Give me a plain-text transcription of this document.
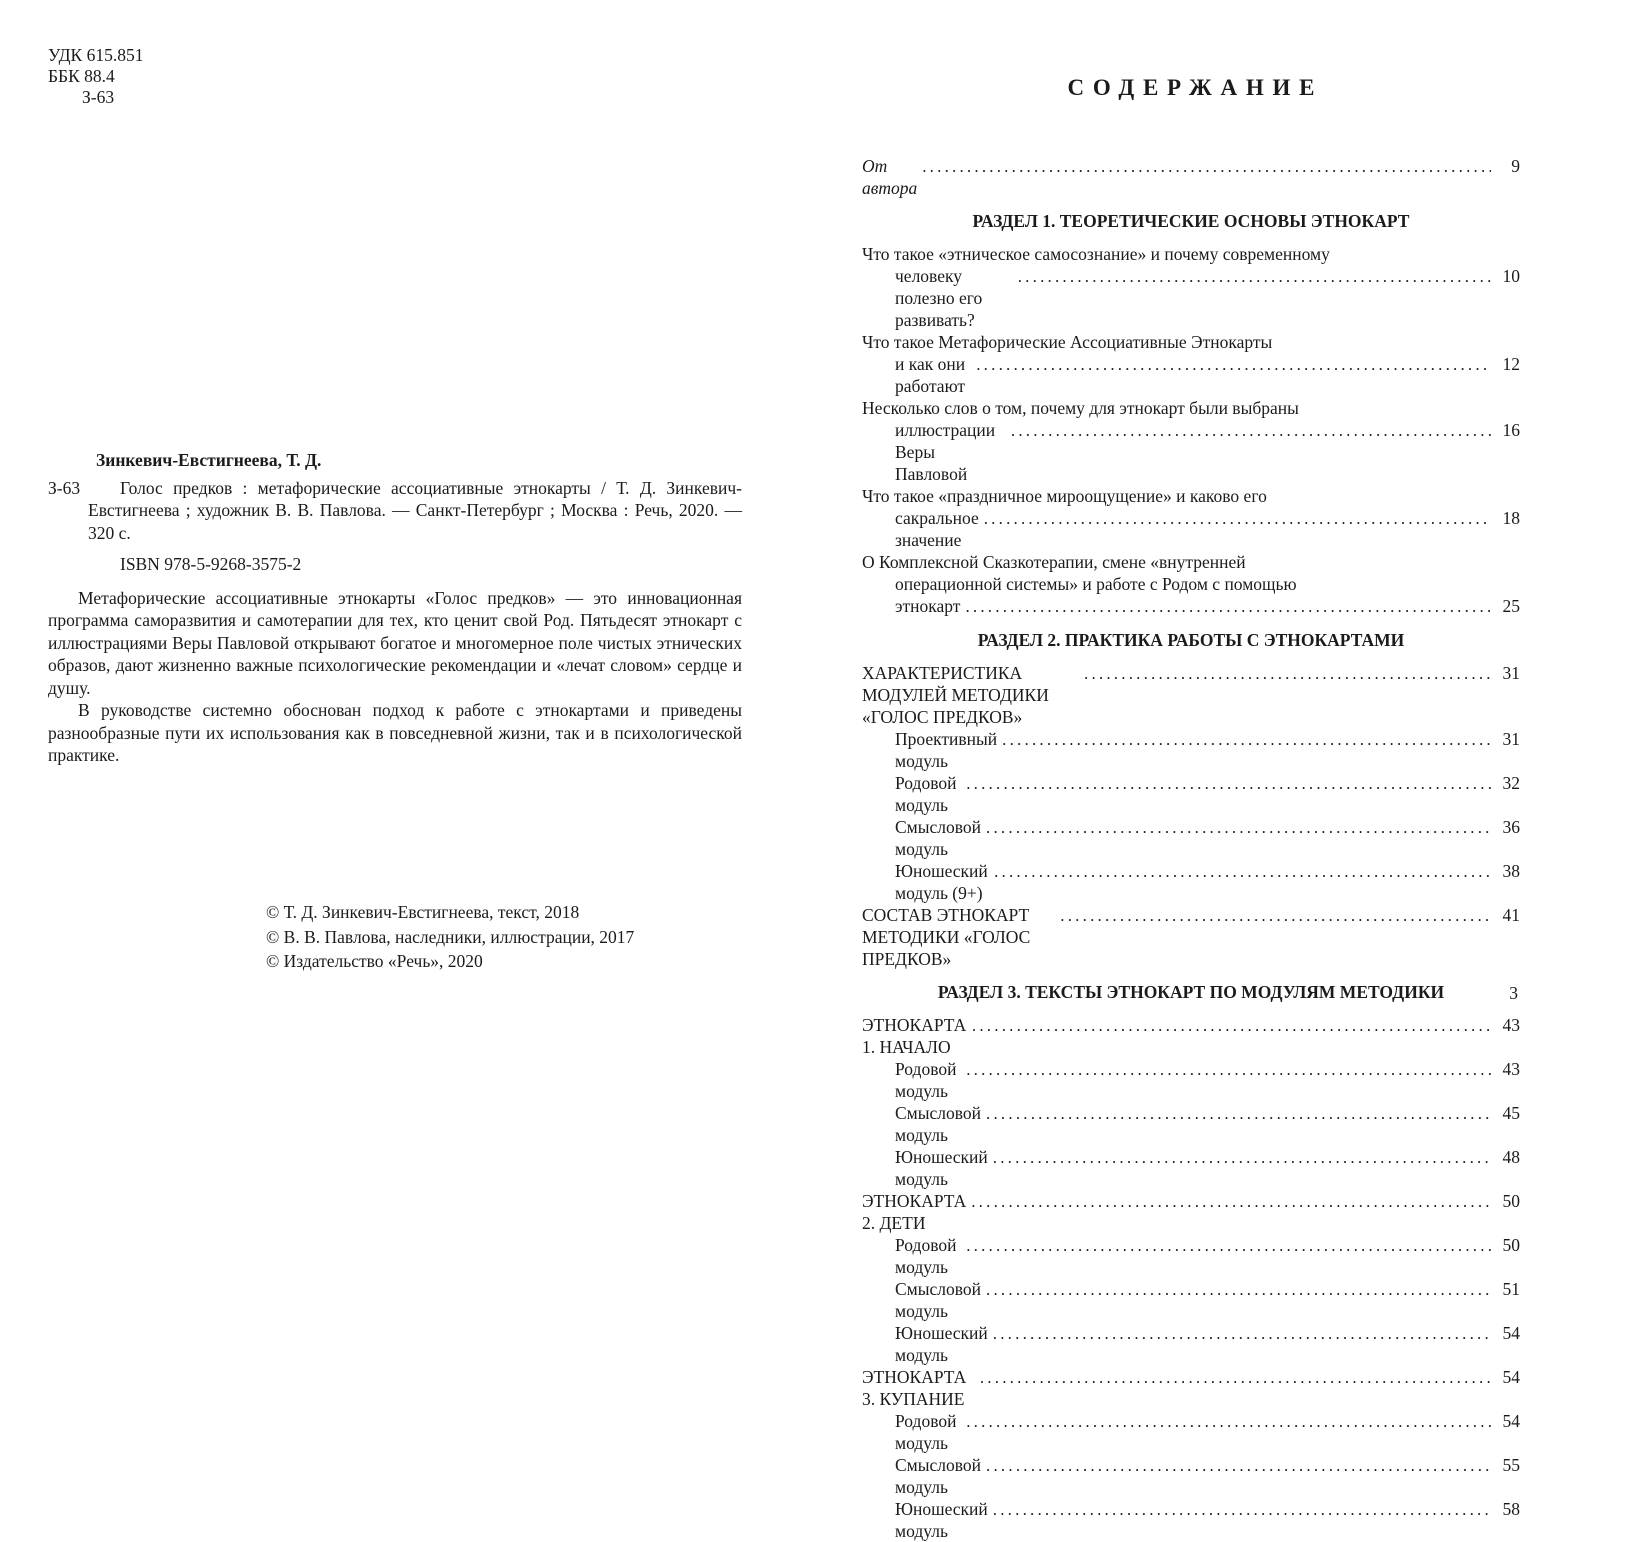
УДК 615.851
ББК 88.4
З-63
Зинкевич-Евстигнеева, Т. Д.
З-63	Голос предков : метафорические ассоциативные этнокарты / Т. Д. Зинкевич-Евстигнеева ; художник В. В. Павлова. — Санкт-Петербург ; Москва : Речь, 2020. — 320 с.

ISBN 978-5-9268-3575-2

Метафорические ассоциативные этнокарты «Голос предков» — это инновационная программа саморазвития и самотерапии для тех, кто ценит свой Род. Пятьдесят этнокарт с иллюстрациями Веры Павловой открывают богатое и многомерное поле чистых этнических образов, дают жизненно важные психологические рекомендации и «лечат словом» сердце и душу.

В руководстве системно обоснован подход к работе с этнокартами и приведены разнообразные пути их использования как в повседневной жизни, так и в психологической практике.

© Т. Д. Зинкевич-Евстигнеева, текст, 2018
© В. В. Павлова, наследники, иллюстрации, 2017
© Издательство «Речь», 2020
СОДЕРЖАНИЕ
От автора
.....
9
РАЗДЕЛ 1. ТЕОРЕТИЧЕСКИЕ ОСНОВЫ ЭТНОКАРТ
Что такое «этническое самосознание» и почему современному
человеку полезно его развивать?
.....
10
Что такое Метафорические Ассоциативные Этнокарты
и как они работают
.....
12
Несколько слов о том, почему для этнокарт были выбраны
иллюстрации Веры Павловой
.....
16
Что такое «праздничное мироощущение» и каково его
сакральное значение
.....
18
О Комплексной Сказкотерапии, смене «внутренней
операционной системы» и работе с Родом с помощью
этнокарт .....	25
РАЗДЕЛ 2. ПРАКТИКА РАБОТЫ С ЭТНОКАРТАМИ
ХАРАКТЕРИСТИКА МОДУЛЕЙ МЕТОДИКИ «ГОЛОС ПРЕДКОВ»
.....
31
Проективный модуль
.....
31
Родовой модуль
.....
32
Смысловой модуль
.....
36
Юношеский модуль (9+)
.....
38
СОСТАВ ЭТНОКАРТ МЕТОДИКИ «ГОЛОС ПРЕДКОВ»
.....
41
РАЗДЕЛ 3. ТЕКСТЫ ЭТНОКАРТ ПО МОДУЛЯМ МЕТОДИКИ
ЭТНОКАРТА 1. НАЧАЛО
.....
43
Родовой модуль
.....
43
Смысловой модуль
.....
45
Юношеский модуль
.....
48
ЭТНОКАРТА 2. ДЕТИ
.....
50
Родовой модуль
.....
50
Смысловой модуль
.....
51
Юношеский модуль
.....
54
ЭТНОКАРТА 3. КУПАНИЕ
.....
54
Родовой модуль
.....
54
Смысловой модуль
.....
55
Юношеский модуль
.....
58
3
